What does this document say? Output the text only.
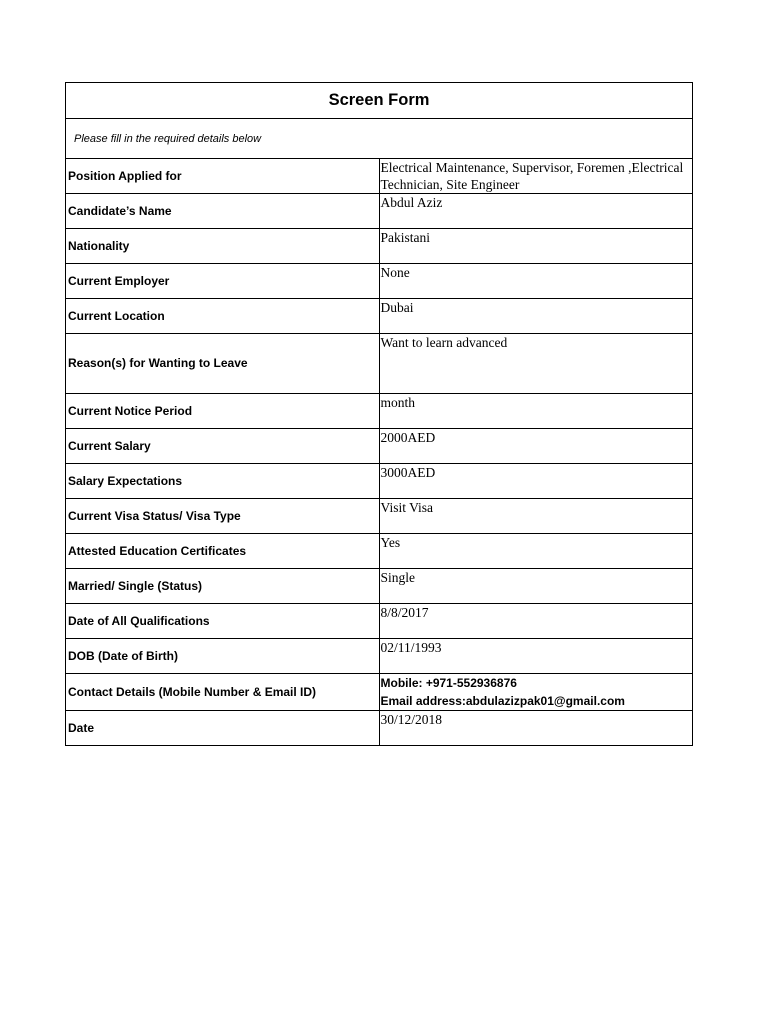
Screen Form	
Please fill in the required details below	
Position Applied for	Electrical Maintenance, Supervisor, Foremen ,Electrical Technician, Site Engineer
Candidate’s Name	Abdul Aziz
Nationality	Pakistani
Current Employer	None
Current Location	Dubai
Reason(s) for Wanting to Leave	Want to learn advanced
Current Notice Period	month
Current Salary	2000AED
Salary Expectations	3000AED
Current Visa Status/ Visa Type	Visit Visa
Attested Education Certificates	Yes
Married/ Single (Status)	Single
Date of All Qualifications	8/8/2017
DOB (Date of Birth)	02/11/1993
Contact Details (Mobile Number & Email ID)	Mobile: +971-552936876
Email address:abdulazizpak01@gmail.com

Date	30/12/2018
